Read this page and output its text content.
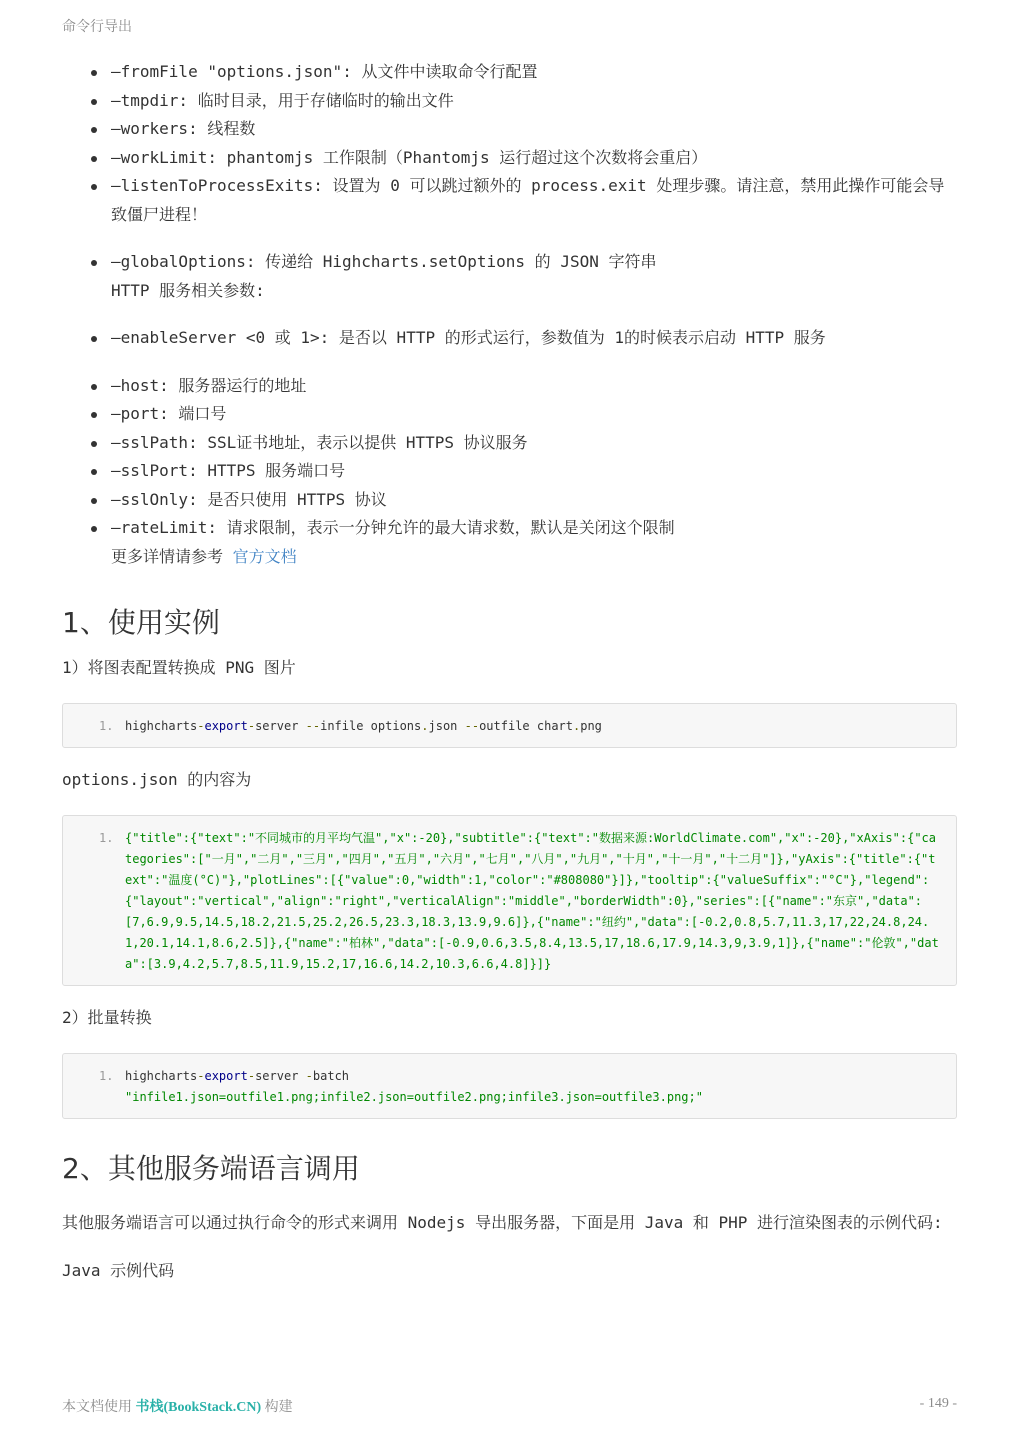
命令行导出
—fromFile "options.json": 从文件中读取命令行配置
—tmpdir: 临时目录，用于存储临时的输出文件
—workers: 线程数
—workLimit: phantomjs 工作限制（Phantomjs 运行超过这个次数将会重启）
—listenToProcessExits: 设置为 0 可以跳过额外的 process.exit 处理步骤。请注意，禁用此操作可能会导致僵尸进程！
—globalOptions: 传递给 Highcharts.setOptions 的 JSON 字符串
HTTP 服务相关参数:
—enableServer <0 或 1>: 是否以 HTTP 的形式运行，参数值为 1的时候表示启动 HTTP 服务
—host: 服务器运行的地址
—port: 端口号
—sslPath: SSL证书地址，表示以提供 HTTPS 协议服务
—sslPort: HTTPS 服务端口号
—sslOnly: 是否只使用 HTTPS 协议
—rateLimit: 请求限制，表示一分钟允许的最大请求数，默认是关闭这个限制
更多详情请参考 官方文档
1、使用实例

1）将图表配置转换成 PNG 图片

1. highcharts-export-server --infile options.json --outfile chart.png

options.json 的内容为

1. {"title":{"text":"不同城市的月平均气温","x":-20},"subtitle":{"text":"数据来源:WorldClimate.com","x":-20},"xAxis":{"categories":["一月","二月","三月","四月","五月","六月","七月","八月","九月","十月","十一月","十二月"]},"yAxis":{"title":{"text":"温度(°C)"},"plotLines":[{"value":0,"width":1,"color":"#808080"}]},"tooltip":{"valueSuffix":"°C"},"legend":{"layout":"vertical","align":"right","verticalAlign":"middle","borderWidth":0},"series":[{"name":"东京","data":[7,6.9,9.5,14.5,18.2,21.5,25.2,26.5,23.3,18.3,13.9,9.6]},{"name":"纽约","data":[-0.2,0.8,5.7,11.3,17,22,24.8,24.1,20.1,14.1,8.6,2.5]},{"name":"柏林","data":[-0.9,0.6,3.5,8.4,13.5,17,18.6,17.9,14.3,9,3.9,1]},{"name":"伦敦","data":[3.9,4.2,5.7,8.5,11.9,15.2,17,16.6,14.2,10.3,6.6,4.8]}]}

2）批量转换

1. highcharts-export-server -batch
"infile1.json=outfile1.png;infile2.json=outfile2.png;infile3.json=outfile3.png;"
2、其他服务端语言调用

其他服务端语言可以通过执行命令的形式来调用 Nodejs 导出服务器，下面是用 Java 和 PHP 进行渲染图表的示例代码:

Java 示例代码

本文档使用 书栈(BookStack.CN) 构建	- 149 -
